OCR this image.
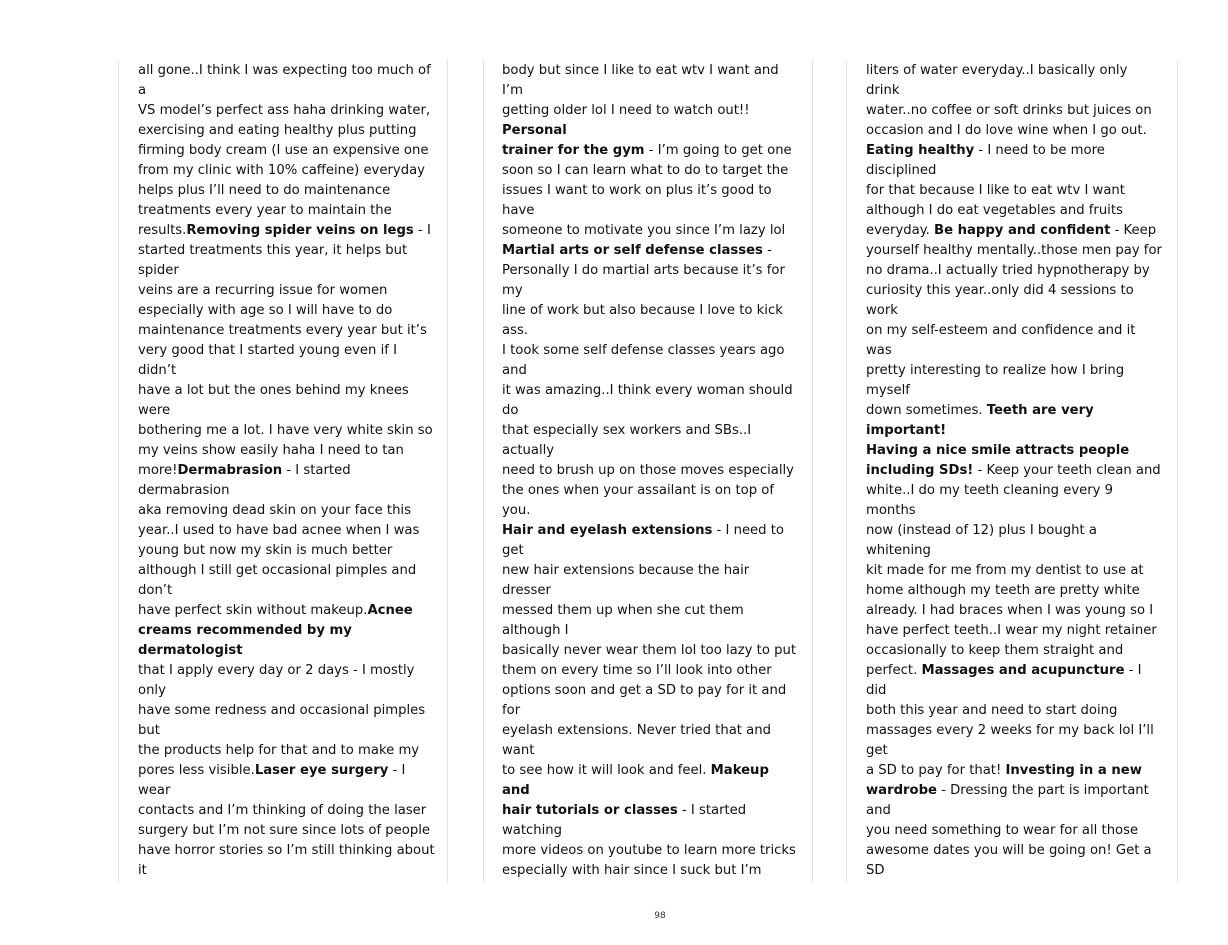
all gone..I think I was expecting too much of a
VS model’s perfect ass haha drinking water,
exercising and eating healthy plus putting
firming body cream (I use an expensive one
from my clinic with 10% caffeine) everyday
helps plus I’ll need to do maintenance
treatments every year to maintain the
results.Removing spider veins on legs - I
started treatments this year, it helps but spider
veins are a recurring issue for women
especially with age so I will have to do
maintenance treatments every year but it’s
very good that I started young even if I didn’t
have a lot but the ones behind my knees were
bothering me a lot. I have very white skin so
my veins show easily haha I need to tan
more!Dermabrasion - I started dermabrasion
aka removing dead skin on your face this
year..I used to have bad acnee when I was
young but now my skin is much better
although I still get occasional pimples and don’t
have perfect skin without makeup.Acnee
creams recommended by my dermatologist
that I apply every day or 2 days - I mostly only
have some redness and occasional pimples but
the products help for that and to make my
pores less visible.Laser eye surgery - I wear
contacts and I’m thinking of doing the laser
surgery but I’m not sure since lots of people
have horror stories so I’m still thinking about it

body but since I like to eat wtv I want and I’m
getting older lol I need to watch out!! Personal
trainer for the gym - I’m going to get one
soon so I can learn what to do to target the
issues I want to work on plus it’s good to have
someone to motivate you since I’m lazy lol
Martial arts or self defense classes -
Personally I do martial arts because it’s for my
line of work but also because I love to kick ass.
I took some self defense classes years ago and
it was amazing..I think every woman should do
that especially sex workers and SBs..I actually
need to brush up on those moves especially
the ones when your assailant is on top of you.
Hair and eyelash extensions - I need to get
new hair extensions because the hair dresser
messed them up when she cut them although I
basically never wear them lol too lazy to put
them on every time so I’ll look into other
options soon and get a SD to pay for it and for
eyelash extensions. Never tried that and want
to see how it will look and feel. Makeup and
hair tutorials or classes - I started watching
more videos on youtube to learn more tricks
especially with hair since I suck but I’m

liters of water everyday..I basically only drink
water..no coffee or soft drinks but juices on
occasion and I do love wine when I go out.
Eating healthy - I need to be more disciplined
for that because I like to eat wtv I want
although I do eat vegetables and fruits
everyday. Be happy and confident - Keep
yourself healthy mentally..those men pay for
no drama..I actually tried hypnotherapy by
curiosity this year..only did 4 sessions to work
on my self-esteem and confidence and it was
pretty interesting to realize how I bring myself
down sometimes. Teeth are very important!
Having a nice smile attracts people
including SDs! - Keep your teeth clean and
white..I do my teeth cleaning every 9 months
now (instead of 12) plus I bought a whitening
kit made for me from my dentist to use at
home although my teeth are pretty white
already. I had braces when I was young so I
have perfect teeth..I wear my night retainer
occasionally to keep them straight and
perfect. Massages and acupuncture - I did
both this year and need to start doing
massages every 2 weeks for my back lol I’ll get
a SD to pay for that! Investing in a new
wardrobe - Dressing the part is important and
you need something to wear for all those
awesome dates you will be going on! Get a SD

98
